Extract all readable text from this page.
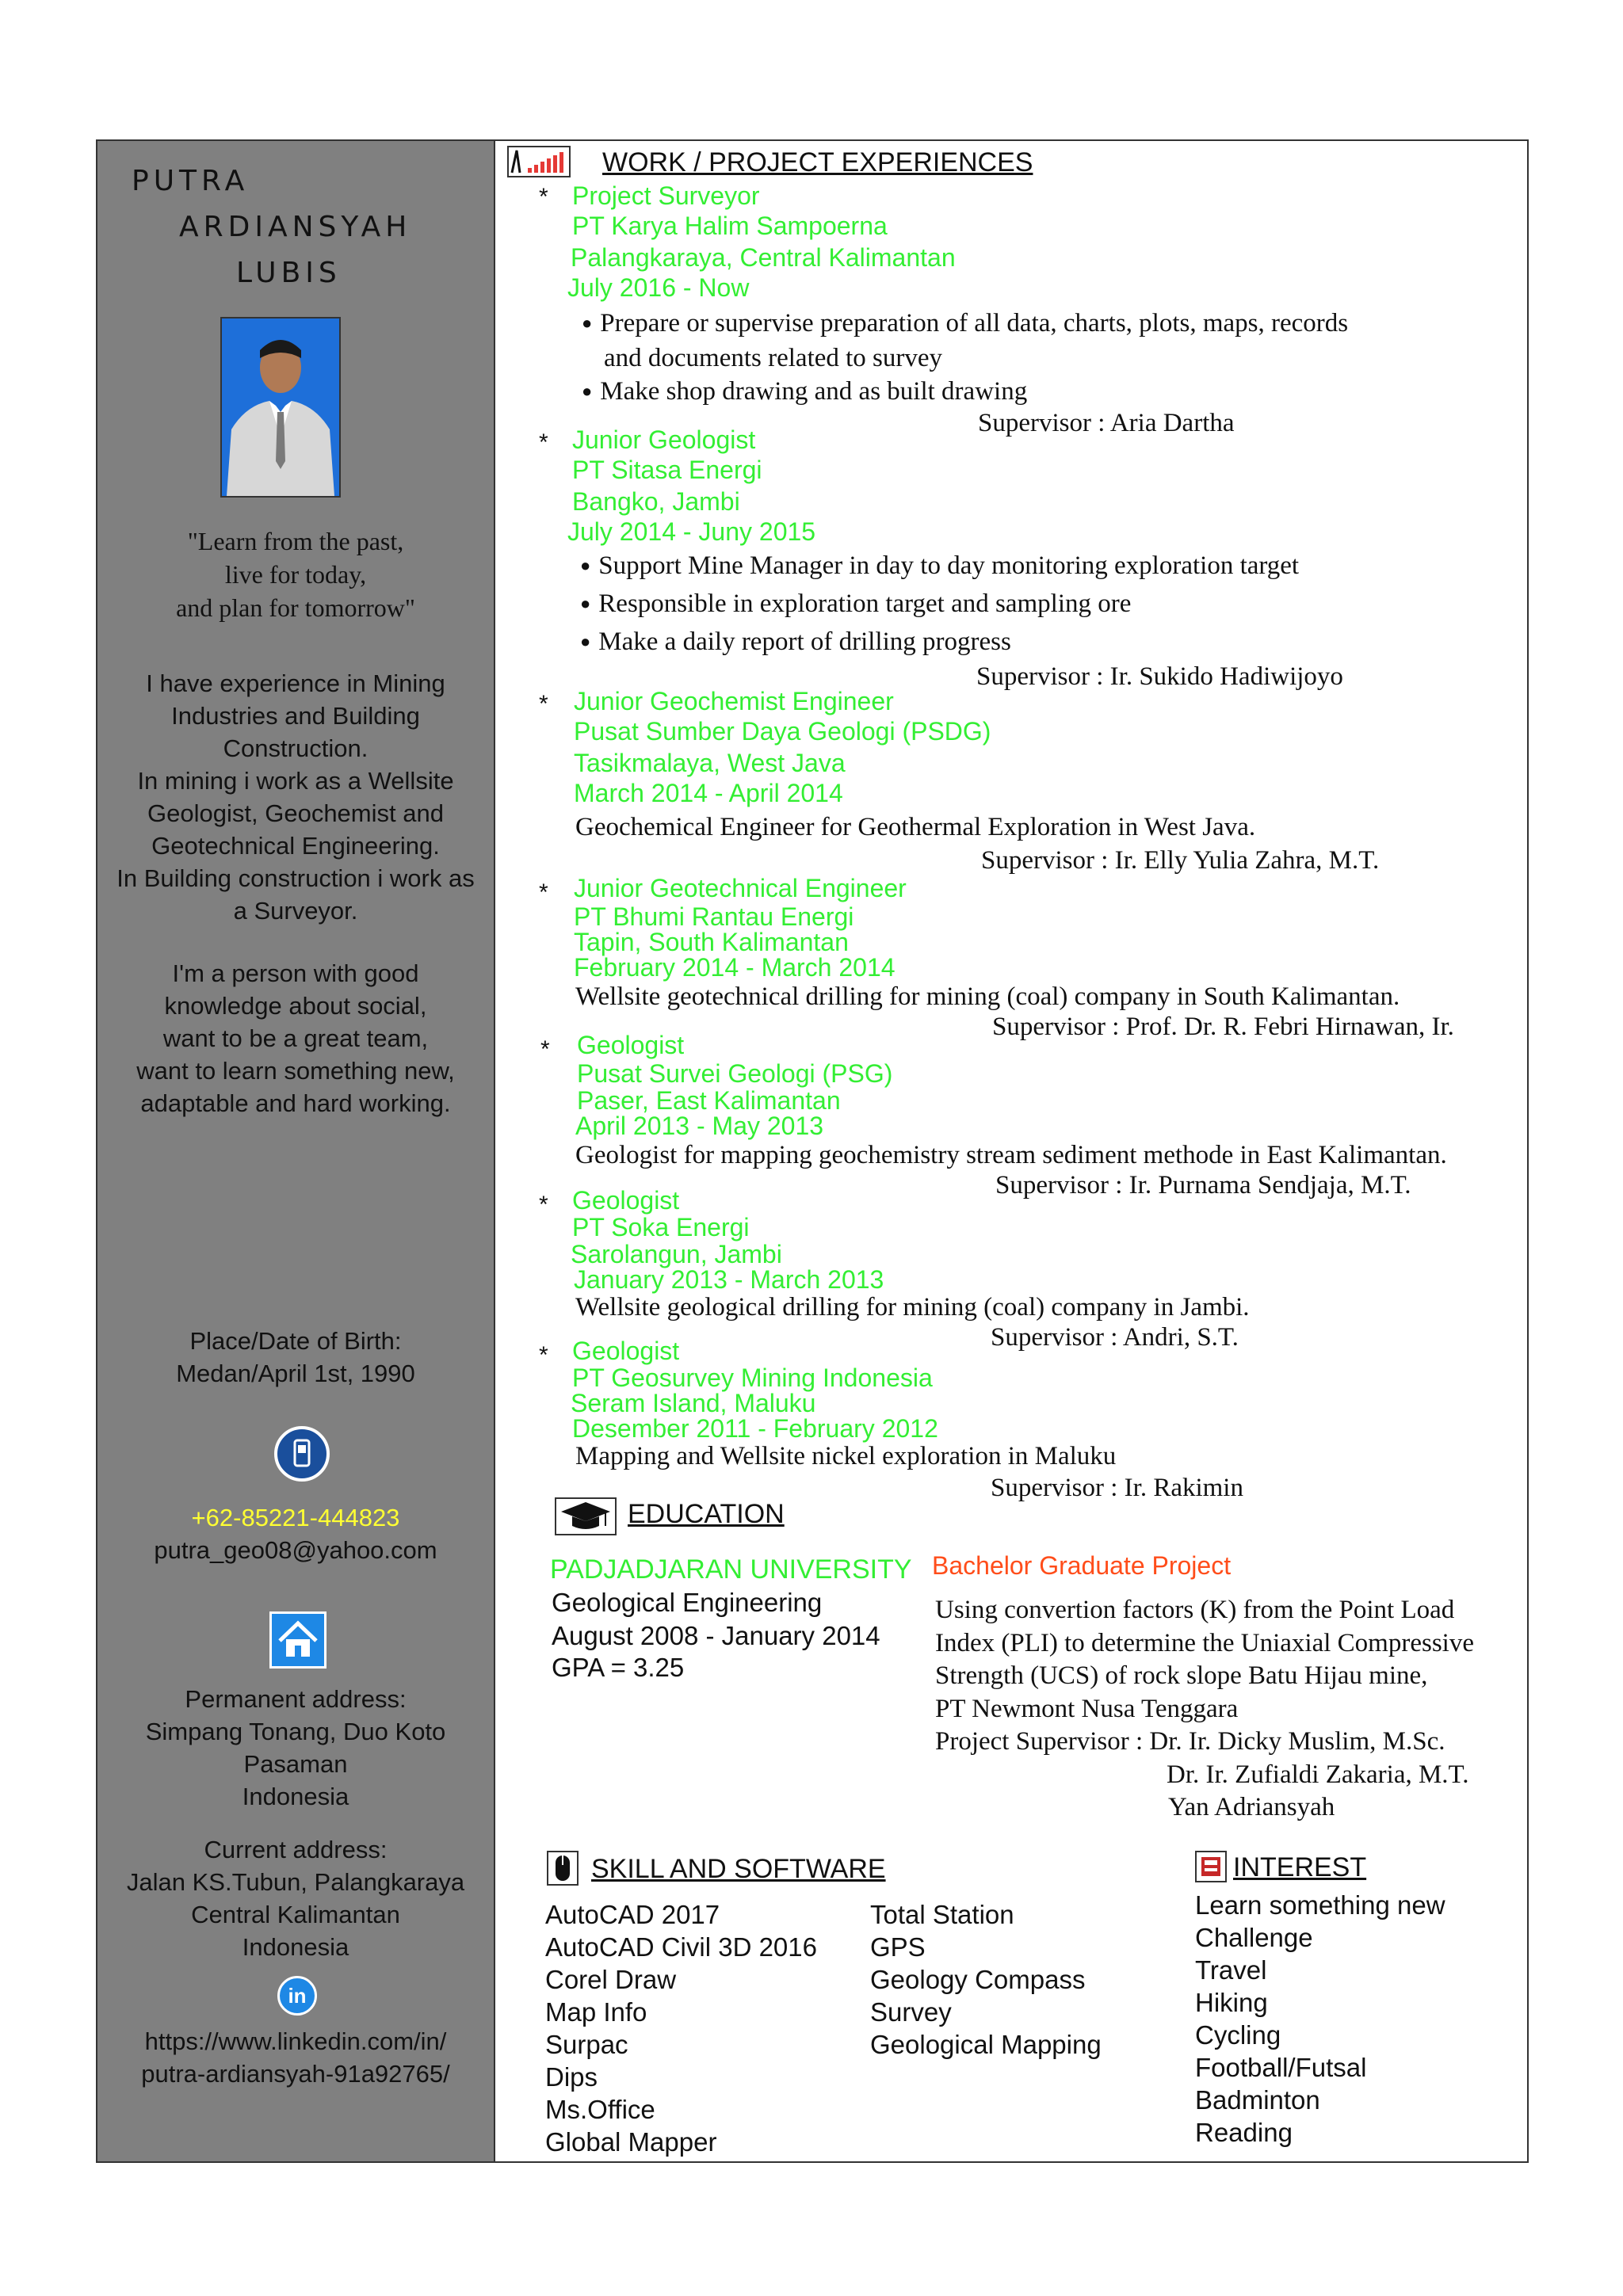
PUTRA
ARDIANSYAH
LUBIS
"Learn from the past,
live for today,
and plan for tomorrow"
I have experience in Mining
Industries and Building
Construction.
In mining i work as a Wellsite
Geologist, Geochemist and
Geotechnical Engineering.
In Building construction i work as
a Surveyor.
I'm a person with good
knowledge about social,
want to be a great team,
want to learn something new,
adaptable and hard working.
Place/Date of Birth:
Medan/April 1st, 1990
+62-85221-444823
putra_geo08@yahoo.com
Permanent address:
Simpang Tonang, Duo Koto
Pasaman
Indonesia
Current address:
Jalan KS.Tubun, Palangkaraya
Central Kalimantan
Indonesia
in
https://www.linkedin.com/in/
putra-ardiansyah-91a92765/
WORK / PROJECT EXPERIENCES
* Project Surveyor
PT Karya Halim Sampoerna
Palangkaraya, Central Kalimantan
July 2016 - Now
● Prepare or supervise preparation of all data, charts, plots, maps, records
and documents related to survey
● Make shop drawing and as built drawing
Supervisor : Aria Dartha
* Junior Geologist
PT Sitasa Energi
Bangko, Jambi
July 2014 - Juny 2015
● Support Mine Manager in day to day monitoring exploration target
● Responsible in exploration target and sampling ore
● Make a daily report of drilling progress
Supervisor : Ir. Sukido Hadiwijoyo
* Junior Geochemist Engineer
Pusat Sumber Daya Geologi (PSDG)
Tasikmalaya, West Java
March 2014 - April 2014
Geochemical Engineer for Geothermal Exploration in West Java.
Supervisor : Ir. Elly Yulia Zahra, M.T.
* Junior Geotechnical Engineer
PT Bhumi Rantau Energi
Tapin, South Kalimantan
February 2014 - March 2014
Wellsite geotechnical drilling for mining (coal) company in South Kalimantan.
Supervisor : Prof. Dr. R. Febri Hirnawan, Ir.
* Geologist
Pusat Survei Geologi (PSG)
Paser, East Kalimantan
April 2013 - May 2013
Geologist for mapping geochemistry stream sediment methode in East Kalimantan.
Supervisor : Ir. Purnama Sendjaja, M.T.
* Geologist
PT Soka Energi
Sarolangun, Jambi
January 2013 - March 2013
Wellsite geological drilling for mining (coal) company in Jambi.
Supervisor : Andri, S.T.
* Geologist
PT Geosurvey Mining Indonesia
Seram Island, Maluku
Desember 2011 - February 2012
Mapping and Wellsite nickel exploration in Maluku
Supervisor : Ir. Rakimin
EDUCATION
PADJADJARAN UNIVERSITY
Geological Engineering
August 2008 - January 2014
GPA = 3.25
Bachelor Graduate Project
Using convertion factors (K) from the Point Load
Index (PLI) to determine the Uniaxial Compressive
Strength (UCS) of rock slope Batu Hijau mine,
PT Newmont Nusa Tenggara
Project Supervisor : Dr. Ir. Dicky Muslim, M.Sc.
Dr. Ir. Zufialdi Zakaria, M.T.
Yan Adriansyah
SKILL AND SOFTWARE
AutoCAD 2017
AutoCAD Civil 3D 2016
Corel Draw
Map Info
Surpac
Dips
Ms.Office
Global Mapper
Total Station
GPS
Geology Compass
Survey
Geological Mapping
INTEREST
Learn something new
Challenge
Travel
Hiking
Cycling
Football/Futsal
Badminton
Reading
